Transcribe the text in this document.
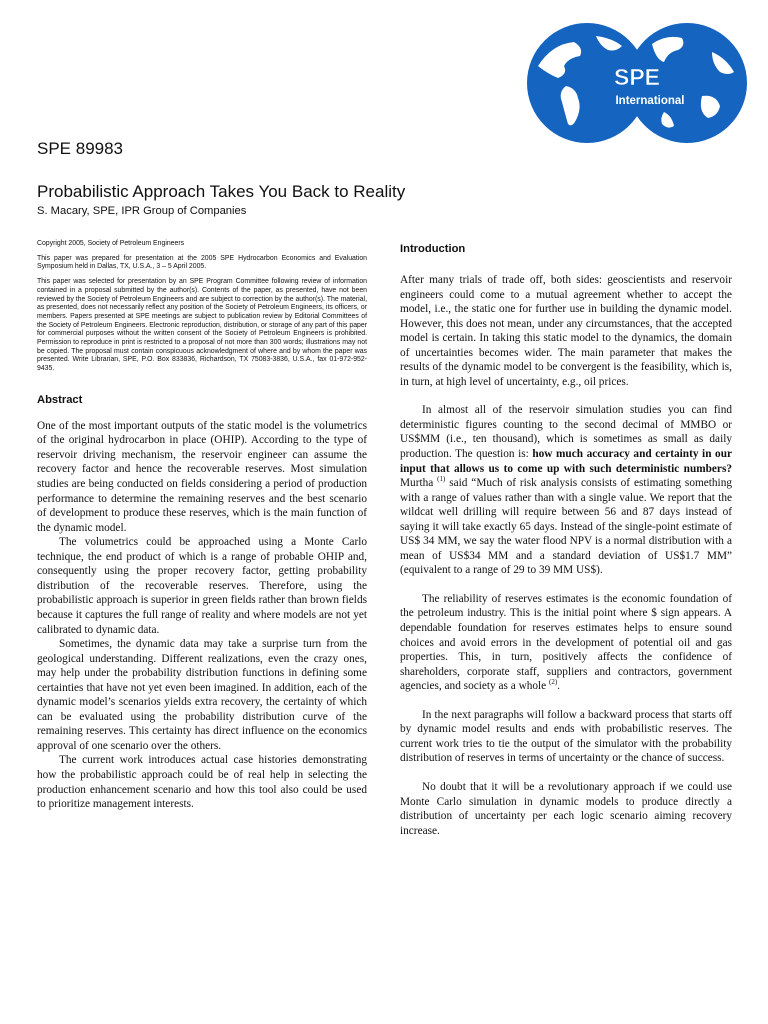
SPE
International
SPE 89983
Probabilistic Approach Takes You Back to Reality
S. Macary, SPE, IPR Group of Companies

Copyright 2005, Society of Petroleum Engineers

This paper was prepared for presentation at the 2005 SPE Hydrocarbon Economics and Evaluation Symposium held in Dallas, TX, U.S.A., 3 – 5 April 2005.

This paper was selected for presentation by an SPE Program Committee following review of information contained in a proposal submitted by the author(s). Contents of the paper, as presented, have not been reviewed by the Society of Petroleum Engineers and are subject to correction by the author(s). The material, as presented, does not necessarily reflect any position of the Society of Petroleum Engineers, its officers, or members. Papers presented at SPE meetings are subject to publication review by Editorial Committees of the Society of Petroleum Engineers. Electronic reproduction, distribution, or storage of any part of this paper for commercial purposes without the written consent of the Society of Petroleum Engineers is prohibited. Permission to reproduce in print is restricted to a proposal of not more than 300 words; illustrations may not be copied. The proposal must contain conspicuous acknowledgment of where and by whom the paper was presented. Write Librarian, SPE, P.O. Box 833836, Richardson, TX 75083-3836, U.S.A., fax 01-972-952-9435.

Abstract

One of the most important outputs of the static model is the volumetrics of the original hydrocarbon in place (OHIP). According to the type of reservoir driving mechanism, the reservoir engineer can assume the recovery factor and hence the recoverable reserves. Most simulation studies are being conducted on fields considering a period of production performance to determine the remaining reserves and the best scenario of development to produce these reserves, which is the main function of the dynamic model.

The volumetrics could be approached using a Monte Carlo technique, the end product of which is a range of probable OHIP and, consequently using the proper recovery factor, getting probability distribution of the recoverable reserves. Therefore, using the probabilistic approach is superior in green fields rather than brown fields because it captures the full range of reality and where models are not yet calibrated to dynamic data.

Sometimes, the dynamic data may take a surprise turn from the geological understanding. Different realizations, even the crazy ones, may help under the probability distribution functions in defining some certainties that have not yet even been imagined. In addition, each of the dynamic model’s scenarios yields extra recovery, the certainty of which can be evaluated using the probability distribution curve of the remaining reserves. This certainty has direct influence on the economics approval of one scenario over the others.

The current work introduces actual case histories demonstrating how the probabilistic approach could be of real help in selecting the production enhancement scenario and how this tool also could be used to prioritize management interests.

Introduction

After many trials of trade off, both sides: geoscientists and reservoir engineers could come to a mutual agreement whether to accept the model, i.e., the static one for further use in building the dynamic model. However, this does not mean, under any circumstances, that the accepted model is certain. In taking this static model to the dynamics, the domain of uncertainties becomes wider. The main parameter that makes the results of the dynamic model to be convergent is the feasibility, which is, in turn, at high level of uncertainty, e.g., oil prices.

In almost all of the reservoir simulation studies you can find deterministic figures counting to the second decimal of MMBO or US$MM (i.e., ten thousand), which is sometimes as small as daily production. The question is: how much accuracy and certainty in our input that allows us to come up with such deterministic numbers? Murtha $^{(1)}$ said “Much of risk analysis consists of estimating something with a range of values rather than with a single value. We report that the wildcat well drilling will require between 56 and 87 days instead of saying it will take exactly 65 days. Instead of the single-point estimate of US$ 34 MM, we say the water flood NPV is a normal distribution with a mean of US$34 MM and a standard deviation of US$1.7 MM” (equivalent to a range of 29 to 39 MM US$).

The reliability of reserves estimates is the economic foundation of the petroleum industry. This is the initial point where $ sign appears. A dependable foundation for reserves estimates helps to ensure sound choices and avoid errors in the development of potential oil and gas properties. This, in turn, positively affects the confidence of shareholders, corporate staff, suppliers and contractors, government agencies, and society as a whole $^{(2)}$.

In the next paragraphs will follow a backward process that starts off by dynamic model results and ends with probabilistic reserves. The current work tries to tie the output of the simulator with the probability distribution of reserves in terms of uncertainty or the chance of success.

No doubt that it will be a revolutionary approach if we could use Monte Carlo simulation in dynamic models to produce directly a distribution of uncertainty per each logic scenario aiming recovery increase.
